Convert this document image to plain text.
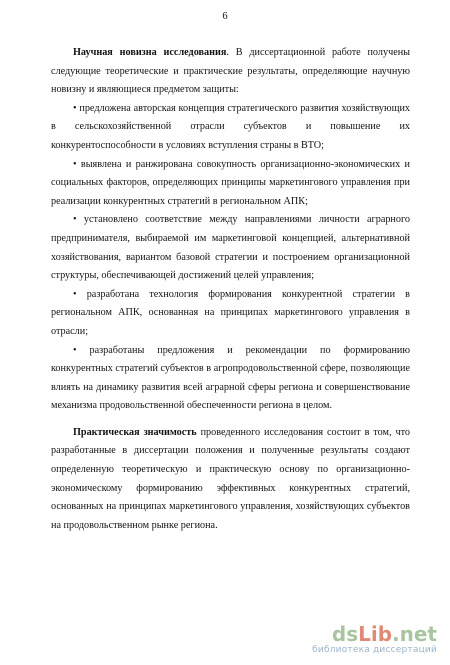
6

Научная новизна исследования. В диссертационной работе получены следующие теоретические и практические результаты, определяющие научную новизну и являющиеся предметом защиты:

• предложена авторская концепция стратегического развития хозяйствующих в сельскохозяйственной отрасли субъектов и повышение их конкурентоспособности в условиях вступления страны в ВТО;

• выявлена и ранжирована совокупность организационно-экономических и социальных факторов, определяющих принципы маркетингового управления при реализации конкурентных стратегий в региональном АПК;

• установлено соответствие между направлениями личности аграрного предпринимателя, выбираемой им маркетинговой концепцией, альтернативной хозяйствования, вариантом базовой стратегии и построением организационной структуры, обеспечивающей достижений целей управления;

• разработана технология формирования конкурентной стратегии в региональном АПК, основанная на принципах маркетингового управления в отрасли;

• разработаны предложения и рекомендации по формированию конкурентных стратегий субъектов в агропродовольственной сфере, позволяющие влиять на динамику развития всей аграрной сферы региона и совершенствование механизма продовольственной обеспеченности региона в целом.

Практическая значимость проведенного исследования состоит в том, что разработанные в диссертации положения и полученные результаты создают определенную теоретическую и практическую основу по организационно-экономическому формированию эффективных конкурентных стратегий, основанных на принципах маркетингового управления, хозяйствующих субъектов на продовольственном рынке региона.

ds Lib .net
библиотека диссертаций
